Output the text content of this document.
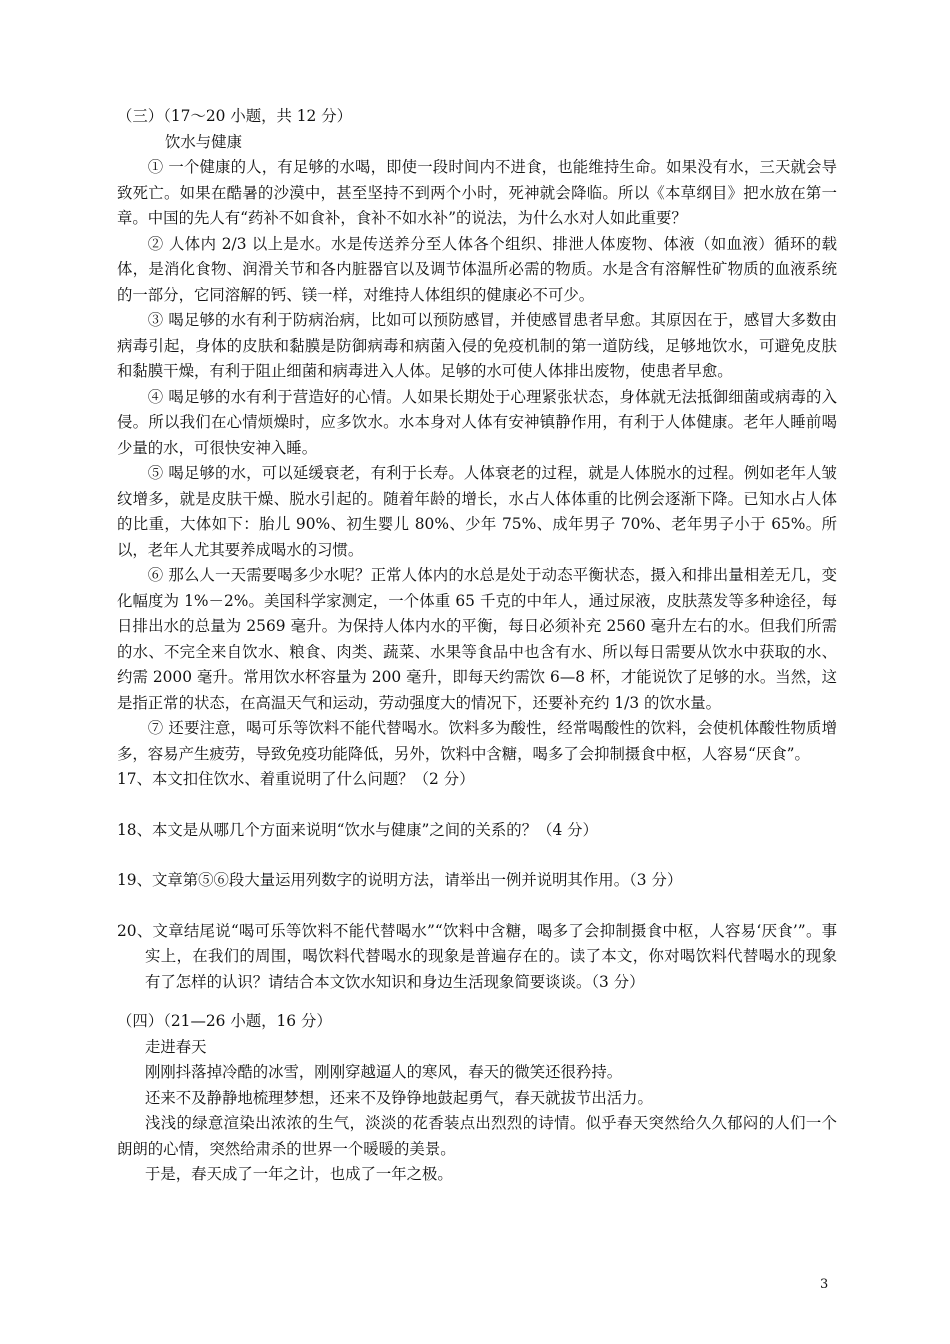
（三）（17～20 小题，共 12 分）
饮水与健康

① 一个健康的人，有足够的水喝，即使一段时间内不进食，也能维持生命。如果没有水，三天就会导致死亡。如果在酷暑的沙漠中，甚至坚持不到两个小时，死神就会降临。所以《本草纲目》把水放在第一章。中国的先人有“药补不如食补，食补不如水补”的说法，为什么水对人如此重要？

② 人体内 2/3 以上是水。水是传送养分至人体各个组织、排泄人体废物、体液（如血液）循环的载体，是消化食物、润滑关节和各内脏器官以及调节体温所必需的物质。水是含有溶解性矿物质的血液系统的一部分，它同溶解的钙、镁一样，对维持人体组织的健康必不可少。

③ 喝足够的水有利于防病治病，比如可以预防感冒，并使感冒患者早愈。其原因在于，感冒大多数由病毒引起，身体的皮肤和黏膜是防御病毒和病菌入侵的免疫机制的第一道防线，足够地饮水，可避免皮肤和黏膜干燥，有利于阻止细菌和病毒进入人体。足够的水可使人体排出废物，使患者早愈。

④ 喝足够的水有利于营造好的心情。人如果长期处于心理紧张状态，身体就无法抵御细菌或病毒的入侵。所以我们在心情烦燥时，应多饮水。水本身对人体有安神镇静作用，有利于人体健康。老年人睡前喝少量的水，可很快安神入睡。

⑤ 喝足够的水，可以延缓衰老，有利于长寿。人体衰老的过程，就是人体脱水的过程。例如老年人皱纹增多，就是皮肤干燥、脱水引起的。随着年龄的增长，水占人体体重的比例会逐渐下降。已知水占人体的比重，大体如下：胎儿 90%、初生婴儿 80%、少年 75%、成年男子 70%、老年男子小于 65%。所以，老年人尤其要养成喝水的习惯。

⑥ 那么人一天需要喝多少水呢？正常人体内的水总是处于动态平衡状态，摄入和排出量相差无几，变化幅度为 1%－2%。美国科学家测定，一个体重 65 千克的中年人，通过尿液，皮肤蒸发等多种途径，每日排出水的总量为 2569 毫升。为保持人体内水的平衡，每日必须补充 2560 毫升左右的水。但我们所需的水、不完全来自饮水、粮食、肉类、蔬菜、水果等食品中也含有水、所以每日需要从饮水中获取的水、约需 2000 毫升。常用饮水杯容量为 200 毫升，即每天约需饮 6—8 杯，才能说饮了足够的水。当然，这是指正常的状态，在高温天气和运动，劳动强度大的情况下，还要补充约 1/3 的饮水量。

⑦ 还要注意，喝可乐等饮料不能代替喝水。饮料多为酸性，经常喝酸性的饮料，会使机体酸性物质增多，容易产生疲劳，导致免疫功能降低，另外，饮料中含糖，喝多了会抑制摄食中枢，人容易“厌食”。

17、本文扣住饮水、着重说明了什么问题？（2 分）

18、本文是从哪几个方面来说明“饮水与健康”之间的关系的？（4 分）

19、文章第⑤⑥段大量运用列数字的说明方法，请举出一例并说明其作用。（3 分）

20、文章结尾说“喝可乐等饮料不能代替喝水”“饮料中含糖，喝多了会抑制摄食中枢，人容易‘厌食’”。事实上，在我们的周围，喝饮料代替喝水的现象是普遍存在的。读了本文，你对喝饮料代替喝水的现象有了怎样的认识？请结合本文饮水知识和身边生活现象简要谈谈。（3 分）

（四）（21—26 小题，16 分）
走进春天

刚刚抖落掉冷酷的冰雪，刚刚穿越逼人的寒风，春天的微笑还很矜持。

还来不及静静地梳理梦想，还来不及铮铮地鼓起勇气，春天就拔节出活力。

浅浅的绿意渲染出浓浓的生气，淡淡的花香装点出烈烈的诗情。似乎春天突然给久久郁闷的人们一个朗朗的心情，突然给肃杀的世界一个暖暖的美景。

于是，春天成了一年之计，也成了一年之极。

3
